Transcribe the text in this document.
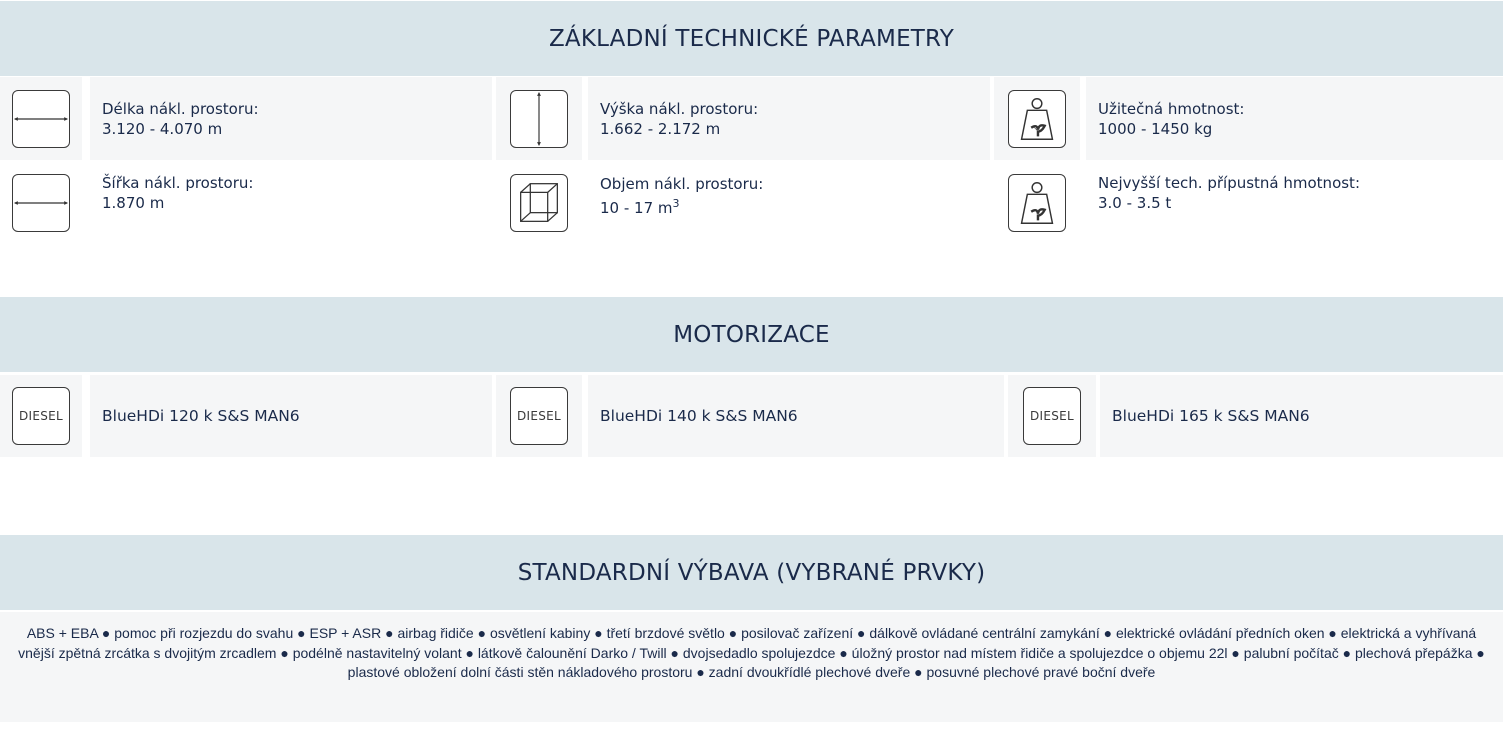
ZÁKLADNÍ TECHNICKÉ PARAMETRY
Délka nákl. prostoru:
3.120 - 4.070 m
Výška nákl. prostoru:
1.662 - 2.172 m
Užitečná hmotnost:
1000 - 1450 kg
Šířka nákl. prostoru:
1.870 m
Objem nákl. prostoru:
10 - 17 $m^3$
Nejvyšší tech. přípustná hmotnost:
3.0 - 3.5 t
MOTORIZACE
DIESEL	BlueHDi 120 k S&S MAN6	DIESEL	BlueHDi 140 k S&S MAN6	DIESEL BlueHDi 165 k S&S MAN6
STANDARDNÍ VÝBAVA (VYBRANÉ PRVKY)
ABS + EBA ● pomoc při rozjezdu do svahu ● ESP + ASR ● airbag řidiče ● osvětlení kabiny ● třetí brzdové světlo ● posilovač zařízení ● dálkově ovládané centrální zamykání ● elektrické ovládání předních oken ● elektrická a vyhřívaná vnější zpětná zrcátka s dvojitým zrcadlem ● podélně nastavitelný volant ● látkově čalounění Darko / Twill ● dvojsedadlo spolujezdce ● úložný prostor nad místem řidiče a spolujezdce o objemu 22l ● palubní počítač ● plechová přepážka ● plastové obložení dolní části stěn nákladového prostoru ● zadní dvoukřídlé plechové dveře ● posuvné plechové pravé boční dveře
